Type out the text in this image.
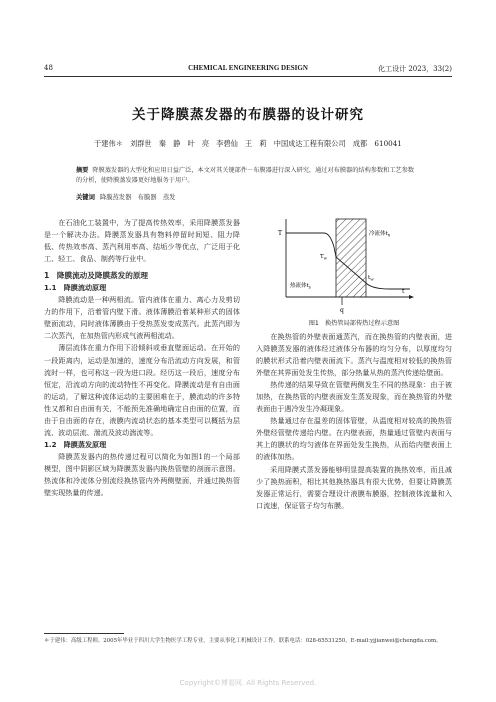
48	CHEMICAL ENGINEERING DESIGN	化工设计 2023，33(2)
关于降膜蒸发器的布膜器的设计研究
于建伟＊　刘群世　秦　静　叶　亮　李碧仙　王　莉　中国成达工程有限公司　成都　610041
摘要 降膜蒸发器的大型化和应用日益广泛，本文对其关键部件－布膜器进行深入研究，通过对布膜器的结构参数和工艺参数的分析，使降膜蒸发器更好地服务于用户。
关键词 降膜蒸发器　布膜器　蒸发

在石油化工装置中，为了提高传热效率，采用降膜蒸发器是一个解决办法。降膜蒸发器具有物料停留时间短、阻力降低、传热效率高、蒸汽利用率高、结垢少等优点，广泛用于化工、轻工、食品、制药等行业中。

1　降膜流动及降膜蒸发的原理

1.1　降膜流动原理

降膜流动是一种两相流。管内液体在重力、离心力及剪切力的作用下，沿着管内壁下滑。液体薄膜沿着某种形式的固体壁面流动，同时液体薄膜由于受热蒸发变成蒸汽。此蒸汽即为二次蒸汽，在加热管内形成气液两相流动。

薄层流体在重力作用下沿倾斜或垂直壁面运动。在开始的一段距离内，运动是加速的，速度分布沿流动方向发展，和管流时一样，也可称这一段为进口段。经历这一段后，速度分布恒定，沿流动方向的流动特性不再变化。降膜流动是有自由面的运动，了解这种流体运动的主要困难在于，膜流动的许多特性又都和自由面有关，不能预先准确地确定自由面的位置，而由于自由面的存在，液膜内流动状态的基本类型可以概括为层流、波动层流、湍流及波动湍流等。

1.2　降膜蒸发原理

降膜蒸发器内的热传递过程可以简化为如图1的一个局部模型，图中阴影区域为降膜蒸发器内换热管壁的剖面示意图。热流体和冷流体分别流经换热管内外两侧壁面，并通过换热管壁实现热量的传递。

T	冷流体$t_n$
$T_w$
热流体$t_s$
$t_w$
q
t
图1　换热管局部传热过程示意图

在换热管的外壁表面通蒸汽，而在换热管的内壁表面，进入降膜蒸发器的液体经过液体分布器的均匀分布，以厚度均匀的膜状形式沿着内壁表面流下。蒸汽与温度相对较低的换热管外壁在其界面处发生传热，部分热量从热的蒸汽传递给壁面。

热传递的结果导致在管壁两侧发生不同的热现象：由于被加热，在换热管的内壁表面发生蒸发现象，而在换热管的外壁表面由于遇冷发生冷凝现象。

热量通过存在温差的固体管壁，从温度相对较高的换热管外壁经管壁传递给内壁。在内壁表面，热量通过管壁内表面与其上的膜状的均匀液体在界面处发生换热，从而给内壁表面上的液体加热。

采用降膜式蒸发器能够明显提高装置的换热效率，而且减少了换热面积，相比其他换热器具有很大优势，但要让降膜蒸发器正常运行，需要合理设计液膜布膜器，控制液体流量和入口流速，保证管子均匀布膜。

＊于建伟：高级工程师。2005年毕业于四川大学生物医学工程专业。主要从事化工机械设计工作。联系电话：028-65531250，E-mail:yjjianwei@chengda.com。
Copyright©博看网. All Rights Reserved.
